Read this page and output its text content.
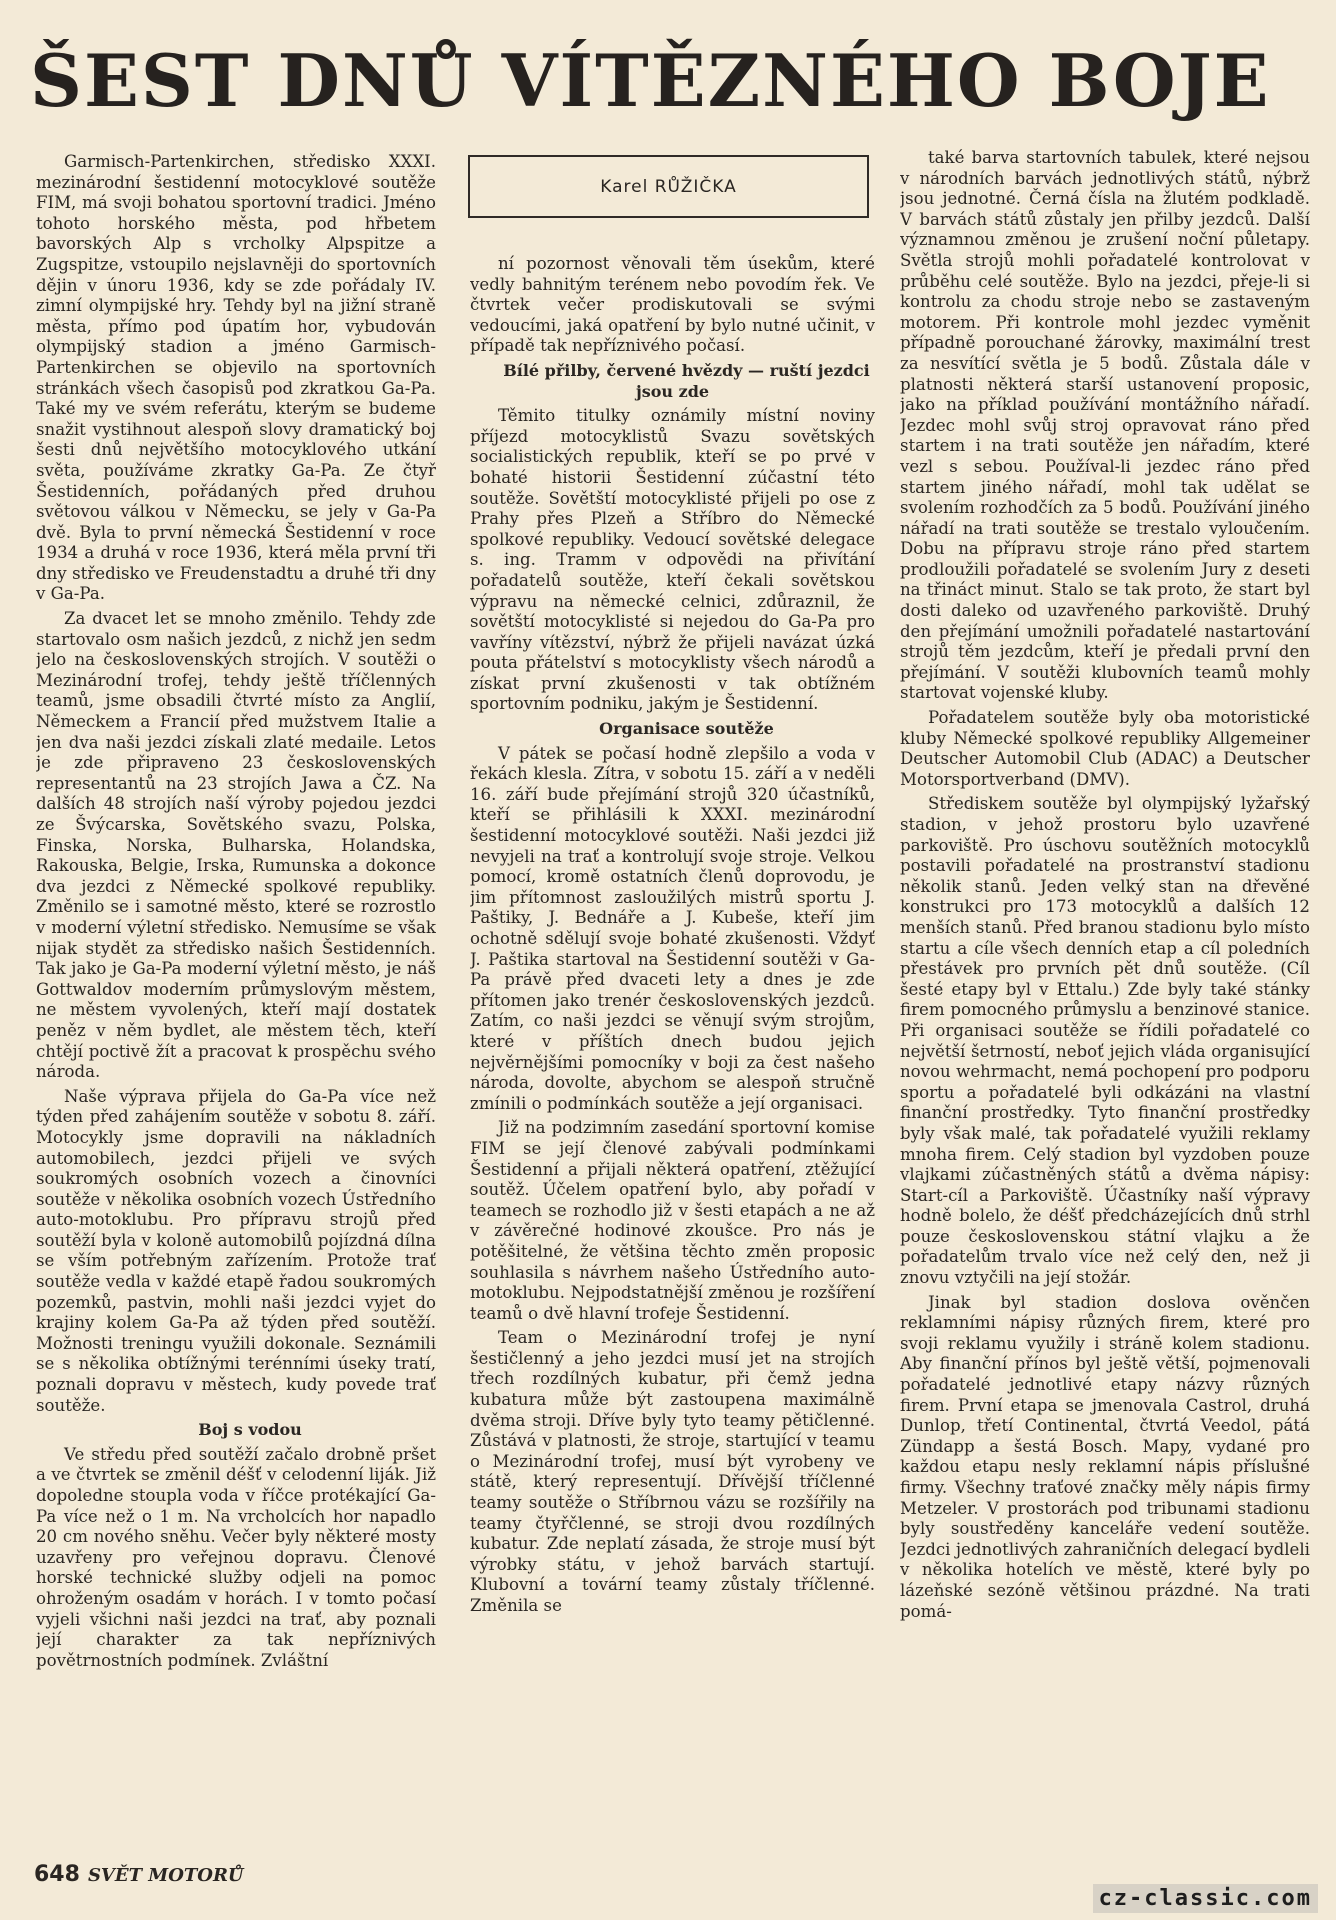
ŠEST DNŮ VÍTĚZNÉHO BOJE

Garmisch-Partenkirchen, středisko XXXI. mezinárodní šestidenní motocyklové soutěže FIM, má svoji bohatou sportovní tradici. Jméno tohoto horského města, pod hřbetem bavorských Alp s vrcholky Alpspitze a Zugspitze, vstoupilo nejslavněji do sportovních dějin v únoru 1936, kdy se zde pořádaly IV. zimní olympijské hry. Tehdy byl na jižní straně města, přímo pod úpatím hor, vybudován olympijský stadion a jméno Garmisch-Partenkirchen se objevilo na sportovních stránkách všech časopisů pod zkratkou Ga-Pa. Také my ve svém referátu, kterým se budeme snažit vystihnout alespoň slovy dramatický boj šesti dnů největšího motocyklového utkání světa, používáme zkratky Ga-Pa. Ze čtyř Šestidenních, pořádaných před druhou světovou válkou v Německu, se jely v Ga-Pa dvě. Byla to první německá Šestidenní v roce 1934 a druhá v roce 1936, která měla první tři dny středisko ve Freudenstadtu a druhé tři dny v Ga-Pa.

Za dvacet let se mnoho změnilo. Tehdy zde startovalo osm našich jezdců, z nichž jen sedm jelo na československých strojích. V soutěži o Mezinárodní trofej, tehdy ještě tříčlenných teamů, jsme obsadili čtvrté místo za Anglií, Německem a Francií před mužstvem Italie a jen dva naši jezdci získali zlaté medaile. Letos je zde připraveno 23 československých representantů na 23 strojích Jawa a ČZ. Na dalších 48 strojích naší výroby pojedou jezdci ze Švýcarska, Sovětského svazu, Polska, Finska, Norska, Bulharska, Holandska, Rakouska, Belgie, Irska, Rumunska a dokonce dva jezdci z Německé spolkové republiky. Změnilo se i samotné město, které se rozrostlo v moderní výletní středisko. Nemusíme se však nijak stydět za středisko našich Šestidenních. Tak jako je Ga-Pa moderní výletní město, je náš Gottwaldov moderním průmyslovým městem, ne městem vyvolených, kteří mají dostatek peněz v něm bydlet, ale městem těch, kteří chtějí poctivě žít a pracovat k prospěchu svého národa.

Naše výprava přijela do Ga-Pa více než týden před zahájením soutěže v sobotu 8. září. Motocykly jsme dopravili na nákladních automobilech, jezdci přijeli ve svých soukromých osobních vozech a činovníci soutěže v několika osobních vozech Ústředního auto-motoklubu. Pro přípravu strojů před soutěží byla v koloně automobilů pojízdná dílna se vším potřebným zařízením. Protože trať soutěže vedla v každé etapě řadou soukromých pozemků, pastvin, mohli naši jezdci vyjet do krajiny kolem Ga-Pa až týden před soutěží. Možnosti treningu využili dokonale. Seznámili se s několika obtížnými terénními úseky tratí, poznali dopravu v městech, kudy povede trať soutěže.

Boj s vodou

Ve středu před soutěží začalo drobně pršet a ve čtvrtek se změnil déšť v celodenní liják. Již dopoledne stoupla voda v říčce protékající Ga-Pa více než o 1 m. Na vrcholcích hor napadlo 20 cm nového sněhu. Večer byly některé mosty uzavřeny pro veřejnou dopravu. Členové horské technické služby odjeli na pomoc ohroženým osadám v horách. I v tomto počasí vyjeli všichni naši jezdci na trať, aby poznali její charakter za tak nepříznivých povětrnostních podmínek. Zvláštní

Karel RŮŽIČKA

ní pozornost věnovali těm úsekům, které vedly bahnitým terénem nebo povodím řek. Ve čtvrtek večer prodiskutovali se svými vedoucími, jaká opatření by bylo nutné učinit, v případě tak nepříznivého počasí.

Bílé přilby, červené hvězdy — ruští jezdci jsou zde

Těmito titulky oznámily místní noviny příjezd motocyklistů Svazu sovětských socialistických republik, kteří se po prvé v bohaté historii Šestidenní zúčastní této soutěže. Sovětští motocyklisté přijeli po ose z Prahy přes Plzeň a Stříbro do Německé spolkové republiky. Vedoucí sovětské delegace s. ing. Tramm v odpovědi na přivítání pořadatelů soutěže, kteří čekali sovětskou výpravu na německé celnici, zdůraznil, že sovětští motocyklisté si nejedou do Ga-Pa pro vavříny vítězství, nýbrž že přijeli navázat úzká pouta přátelství s motocyklisty všech národů a získat první zkušenosti v tak obtížném sportovním podniku, jakým je Šestidenní.

Organisace soutěže

V pátek se počasí hodně zlepšilo a voda v řekách klesla. Zítra, v sobotu 15. září a v neděli 16. září bude přejímání strojů 320 účastníků, kteří se přihlásili k XXXI. mezinárodní šestidenní motocyklové soutěži. Naši jezdci již nevyjeli na trať a kontrolují svoje stroje. Velkou pomocí, kromě ostatních členů doprovodu, je jim přítomnost zasloužilých mistrů sportu J. Paštiky, J. Bednáře a J. Kubeše, kteří jim ochotně sdělují svoje bohaté zkušenosti. Vždyť J. Paštika startoval na Šestidenní soutěži v Ga-Pa právě před dvaceti lety a dnes je zde přítomen jako trenér československých jezdců. Zatím, co naši jezdci se věnují svým strojům, které v příštích dnech budou jejich nejvěrnějšími pomocníky v boji za čest našeho národa, dovolte, abychom se alespoň stručně zmínili o podmínkách soutěže a její organisaci.

Již na podzimním zasedání sportovní komise FIM se její členové zabývali podmínkami Šestidenní a přijali některá opatření, ztěžující soutěž. Účelem opatření bylo, aby pořadí v teamech se rozhodlo již v šesti etapách a ne až v závěrečné hodinové zkoušce. Pro nás je potěšitelné, že většina těchto změn proposic souhlasila s návrhem našeho Ústředního auto-motoklubu. Nejpodstatnější změnou je rozšíření teamů o dvě hlavní trofeje Šestidenní.

Team o Mezinárodní trofej je nyní šestičlenný a jeho jezdci musí jet na strojích třech rozdílných kubatur, při čemž jedna kubatura může být zastoupena maximálně dvěma stroji. Dříve byly tyto teamy pětičlenné. Zůstává v platnosti, že stroje, startující v teamu o Mezinárodní trofej, musí být vyrobeny ve státě, který representují. Dřívější tříčlenné teamy soutěže o Stříbrnou vázu se rozšířily na teamy čtyřčlenné, se stroji dvou rozdílných kubatur. Zde neplatí zásada, že stroje musí být výrobky státu, v jehož barvách startují. Klubovní a tovární teamy zůstaly tříčlenné. Změnila se

také barva startovních tabulek, které nejsou v národních barvách jednotlivých států, nýbrž jsou jednotné. Černá čísla na žlutém podkladě. V barvách států zůstaly jen přilby jezdců. Další významnou změnou je zrušení noční půletapy. Světla strojů mohli pořadatelé kontrolovat v průběhu celé soutěže. Bylo na jezdci, přeje-li si kontrolu za chodu stroje nebo se zastaveným motorem. Při kontrole mohl jezdec vyměnit případně porouchané žárovky, maximální trest za nesvítící světla je 5 bodů. Zůstala dále v platnosti některá starší ustanovení proposic, jako na příklad používání montážního nářadí. Jezdec mohl svůj stroj opravovat ráno před startem i na trati soutěže jen nářadím, které vezl s sebou. Používal-li jezdec ráno před startem jiného nářadí, mohl tak udělat se svolením rozhodčích za 5 bodů. Používání jiného nářadí na trati soutěže se trestalo vyloučením. Dobu na přípravu stroje ráno před startem prodloužili pořadatelé se svolením Jury z deseti na třináct minut. Stalo se tak proto, že start byl dosti daleko od uzavřeného parkoviště. Druhý den přejímání umožnili pořadatelé nastartování strojů těm jezdcům, kteří je předali první den přejímání. V soutěži klubovních teamů mohly startovat vojenské kluby.

Pořadatelem soutěže byly oba motoristické kluby Německé spolkové republiky Allgemeiner Deutscher Automobil Club (ADAC) a Deutscher Motorsportverband (DMV).

Střediskem soutěže byl olympijský lyžařský stadion, v jehož prostoru bylo uzavřené parkoviště. Pro úschovu soutěžních motocyklů postavili pořadatelé na prostranství stadionu několik stanů. Jeden velký stan na dřevěné konstrukci pro 173 motocyklů a dalších 12 menších stanů. Před branou stadionu bylo místo startu a cíle všech denních etap a cíl poledních přestávek pro prvních pět dnů soutěže. (Cíl šesté etapy byl v Ettalu.) Zde byly také stánky firem pomocného průmyslu a benzinové stanice. Při organisaci soutěže se řídili pořadatelé co největší šetrností, neboť jejich vláda organisující novou wehrmacht, nemá pochopení pro podporu sportu a pořadatelé byli odkázáni na vlastní finanční prostředky. Tyto finanční prostředky byly však malé, tak pořadatelé využili reklamy mnoha firem. Celý stadion byl vyzdoben pouze vlajkami zúčastněných států a dvěma nápisy: Start-cíl a Parkoviště. Účastníky naší výpravy hodně bolelo, že déšť předcházejících dnů strhl pouze československou státní vlajku a že pořadatelům trvalo více než celý den, než ji znovu vztyčili na její stožár.

Jinak byl stadion doslova ověnčen reklamními nápisy různých firem, které pro svoji reklamu využily i stráně kolem stadionu. Aby finanční přínos byl ještě větší, pojmenovali pořadatelé jednotlivé etapy názvy různých firem. První etapa se jmenovala Castrol, druhá Dunlop, třetí Continental, čtvrtá Veedol, pátá Zündapp a šestá Bosch. Mapy, vydané pro každou etapu nesly reklamní nápis příslušné firmy. Všechny traťové značky měly nápis firmy Metzeler. V prostorách pod tribunami stadionu byly soustředěny kanceláře vedení soutěže. Jezdci jednotlivých zahraničních delegací bydleli v několika hotelích ve městě, které byly po lázeňské sezóně většinou prázdné. Na trati pomá-

648 SVĚT MOTORŮ
cz-classic.com
